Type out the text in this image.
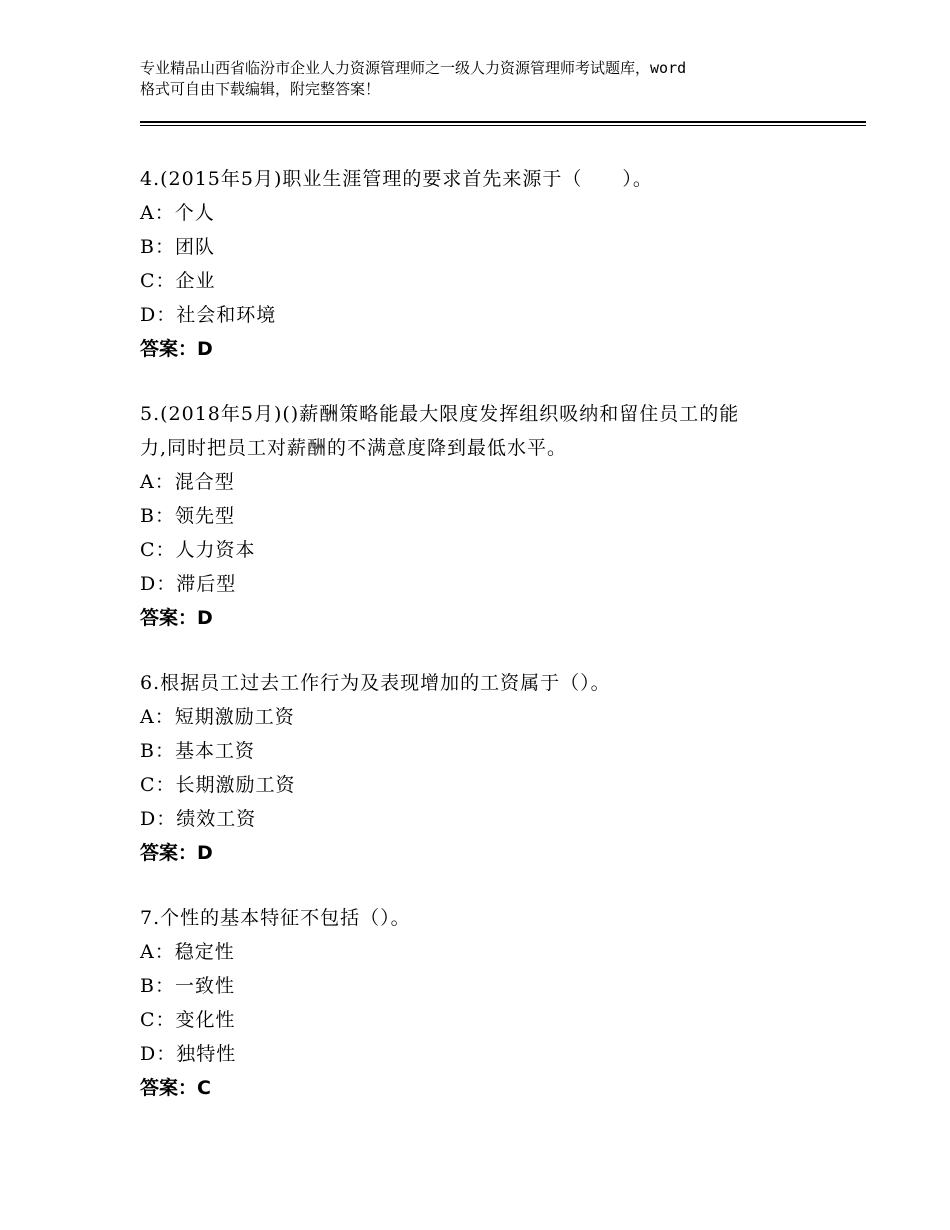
专业精品山西省临汾市企业人力资源管理师之一级人力资源管理师考试题库，word
格式可自由下载编辑，附完整答案！
4.(2015年5月)职业生涯管理的要求首先来源于（　　）。
A：个人
B：团队
C：企业
D：社会和环境
答案：D
5.(2018年5月)()薪酬策略能最大限度发挥组织吸纳和留住员工的能
力,同时把员工对薪酬的不满意度降到最低水平。
A：混合型
B：领先型
C：人力资本
D：滞后型
答案：D
6.根据员工过去工作行为及表现增加的工资属于（）。
A：短期激励工资
B：基本工资
C：长期激励工资
D：绩效工资
答案：D
7.个性的基本特征不包括（）。
A：稳定性
B：一致性
C：变化性
D：独特性
答案：C
